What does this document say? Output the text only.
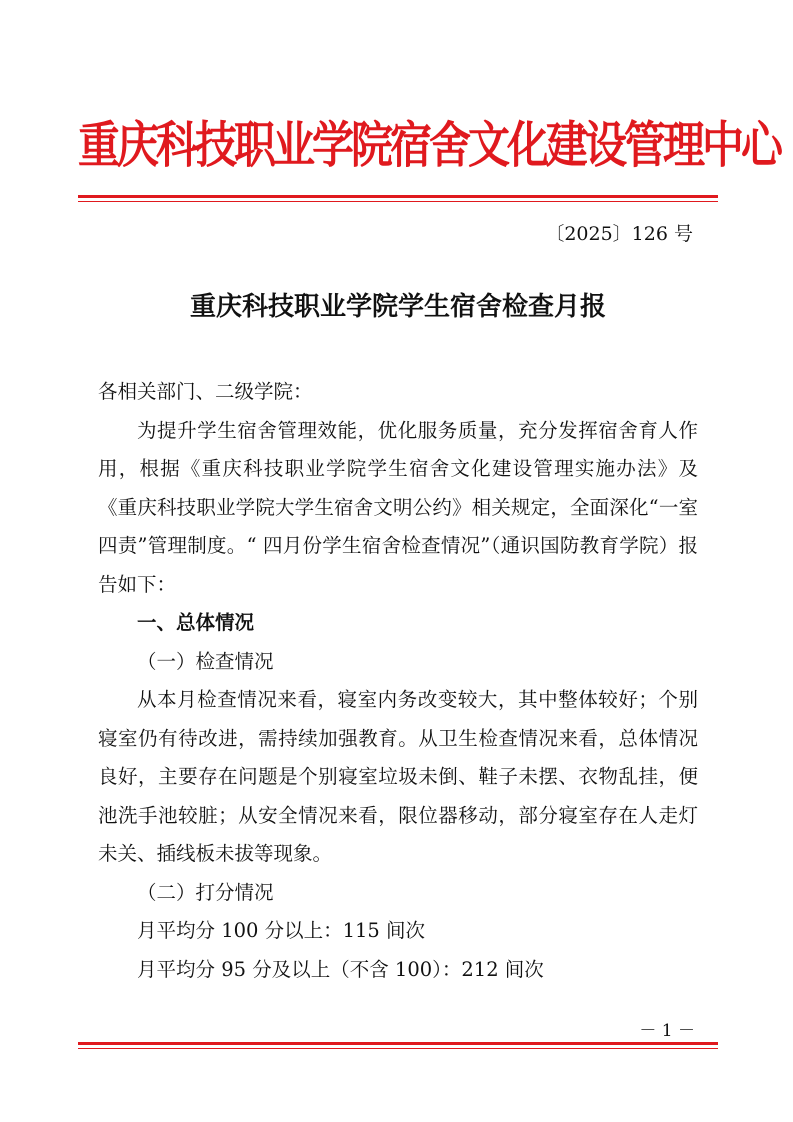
重庆科技职业学院宿舍文化建设管理中心
〔2025〕126 号
重庆科技职业学院学生宿舍检查月报

各相关部门、二级学院：

为提升学生宿舍管理效能，优化服务质量，充分发挥宿舍育人作用，根据《重庆科技职业学院学生宿舍文化建设管理实施办法》及《重庆科技职业学院大学生宿舍文明公约》相关规定，全面深化“一室四责”管理制度。“ 四月份学生宿舍检查情况”（通识国防教育学院）报告如下：

一、总体情况

（一）检查情况

从本月检查情况来看，寝室内务改变较大，其中整体较好；个别寝室仍有待改进，需持续加强教育。从卫生检查情况来看，总体情况良好，主要存在问题是个别寝室垃圾未倒、鞋子未摆、衣物乱挂，便池洗手池较脏；从安全情况来看，限位器移动，部分寝室存在人走灯未关、插线板未拔等现象。

（二）打分情况

月平均分 100 分以上：115 间次

月平均分 95 分及以上（不含 100）：212 间次

－ 1 －
